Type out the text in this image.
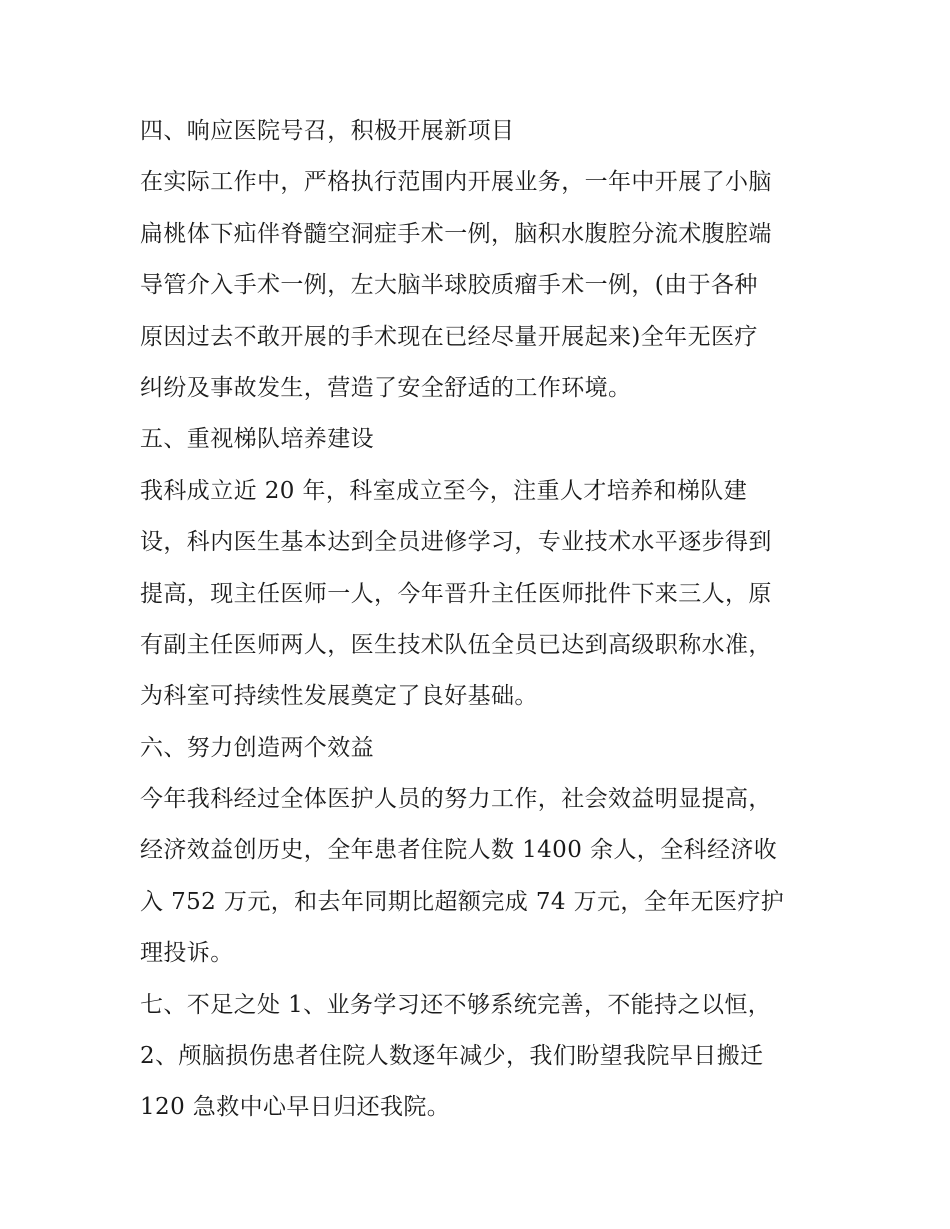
四、响应医院号召，积极开展新项目
在实际工作中，严格执行范围内开展业务，一年中开展了小脑
扁桃体下疝伴脊髓空洞症手术一例，脑积水腹腔分流术腹腔端
导管介入手术一例，左大脑半球胶质瘤手术一例，(由于各种
原因过去不敢开展的手术现在已经尽量开展起来)全年无医疗
纠纷及事故发生，营造了安全舒适的工作环境。
五、重视梯队培养建设
我科成立近 20 年，科室成立至今，注重人才培养和梯队建
设，科内医生基本达到全员进修学习，专业技术水平逐步得到
提高，现主任医师一人，今年晋升主任医师批件下来三人，原
有副主任医师两人，医生技术队伍全员已达到高级职称水准，
为科室可持续性发展奠定了良好基础。
六、努力创造两个效益
今年我科经过全体医护人员的努力工作，社会效益明显提高，
经济效益创历史，全年患者住院人数 1400 余人，全科经济收
入 752 万元，和去年同期比超额完成 74 万元，全年无医疗护
理投诉。
七、不足之处 1、业务学习还不够系统完善，不能持之以恒，
2、颅脑损伤患者住院人数逐年减少，我们盼望我院早日搬迁
120 急救中心早日归还我院。
